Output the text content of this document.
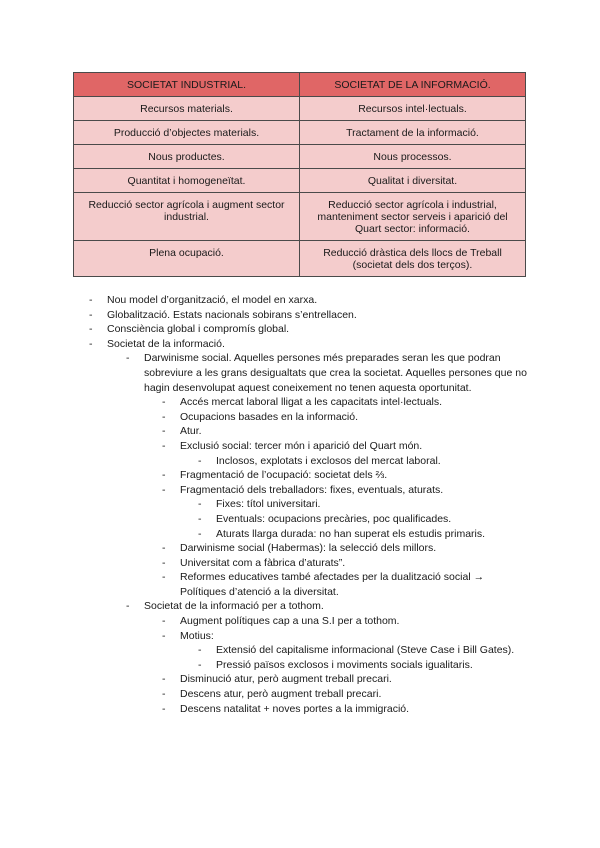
SOCIETAT INDUSTRIAL.	SOCIETAT DE LA INFORMACIÓ.
Recursos materials.	Recursos intel·lectuals.
Producció d’objectes materials.	Tractament de la informació.
Nous productes.	Nous processos.
Quantitat i homogeneïtat.	Qualitat i diversitat.
Reducció sector agrícola i augment sector industrial.	Reducció sector agrícola i industrial, manteniment sector serveis i aparició del Quart sector: informació.
Plena ocupació.	Reducció dràstica dels llocs de Treball (societat dels dos terços).
- Nou model d’organització, el model en xarxa.
- Globalització. Estats nacionals sobirans s’entrellacen.
- Consciència global i compromís global.
- Societat de la informació.
- Darwinisme social. Aquelles persones més preparades seran les que podran sobreviure a les grans desigualtats que crea la societat. Aquelles persones que no hagin desenvolupat aquest coneixement no tenen aquesta oportunitat.
- Accés mercat laboral lligat a les capacitats intel·lectuals.
- Ocupacions basades en la informació.
- Atur.
- Exclusió social: tercer món i aparició del Quart món.
- Inclosos, explotats i exclosos del mercat laboral.
- Fragmentació de l’ocupació: societat dels ⅔.
- Fragmentació dels treballadors: fixes, eventuals, aturats.
- Fixes: títol universitari.
- Eventuals: ocupacions precàries, poc qualificades.
- Aturats llarga durada: no han superat els estudis primaris.
- Darwinisme social (Habermas): la selecció dels millors.
- Universitat com a fàbrica d’aturats”.
- Reformes educatives també afectades per la dualització social → Polítiques d’atenció a la diversitat.
- Societat de la informació per a tothom.
- Augment polítiques cap a una S.I per a tothom.
- Motius:
- Extensió del capitalisme informacional (Steve Case i Bill Gates).
- Pressió països exclosos i moviments socials igualitaris.
- Disminució atur, però augment treball precari.
- Descens atur, però augment treball precari.
- Descens natalitat + noves portes a la immigració.
